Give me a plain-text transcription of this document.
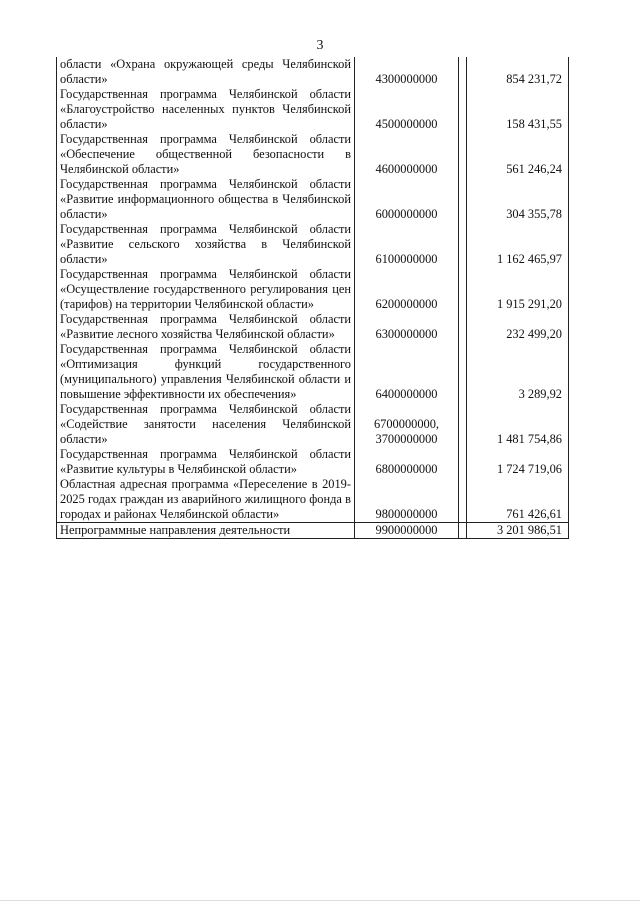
3
области «Охрана окружающей среды Челябинской области»	4300000000		854 231,72
Государственная программа Челябинской области «Благоустройство населенных пунктов Челябинской области»	4500000000		158 431,55
Государственная программа Челябинской области «Обеспечение общественной безопасности в Челябинской области»	4600000000		561 246,24
Государственная программа Челябинской области «Развитие информационного общества в Челябинской области»	6000000000		304 355,78
Государственная программа Челябинской области «Развитие сельского хозяйства в Челябинской области»	6100000000		1 162 465,97
Государственная программа Челябинской области «Осуществление государственного регулирования цен (тарифов) на территории Челябинской области»	6200000000		1 915 291,20
Государственная программа Челябинской области «Развитие лесного хозяйства Челябинской области»	6300000000		232 499,20
Государственная программа Челябинской области «Оптимизация функций государственного (муниципального) управления Челябинской области и повышение эффективности их обеспечения»	6400000000		3 289,92
Государственная программа Челябинской области «Содействие занятости населения Челябинской области»	6700000000,
3700000000		1 481 754,86
Государственная программа Челябинской области «Развитие культуры в Челябинской области»	6800000000		1 724 719,06
Областная адресная программа «Переселение в 2019-2025 годах граждан из аварийного жилищного фонда в городах и районах Челябинской области»	9800000000		761 426,61
Непрограммные направления деятельности	9900000000		3 201 986,51
